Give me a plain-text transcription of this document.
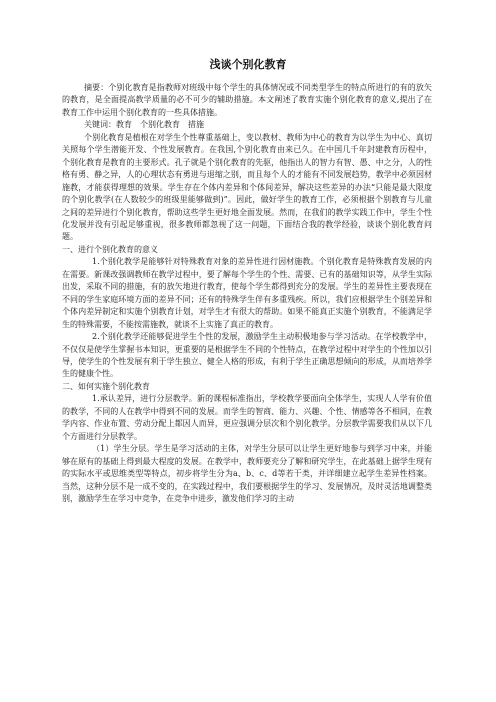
浅谈个别化教育

摘要：个别化教育是指教师对班级中每个学生的具体情况或不同类型学生的特点所进行的有的放矢的教育，是全面提高教学质量的必不可少的辅助措施。本文阐述了教育实施个别化教育的意义,提出了在教育工作中运用个别化教育的一些具体措施。

关键词：教育　个别化教育　措施

个别化教育是植根在对学生个性尊重基础上，变以教材、教师为中心的教育为以学生为中心、真切关照每个学生潜能开发、个性发展教育。在我国,个别化教育由来已久。在中国几千年封建教育历程中，个别化教育是教育的主要形式。孔子就是个别化教育的先驱，他指出人的智力有智、愚、中之分，人的性格有勇、静之异，人的心理状态有勇进与退缩之别，而且每个人的才能有不同发展趋势，教学中必须因材施教，才能获得理想的效果。学生存在个体内差异和个体间差异，解决这些差异的办法“只能是最大限度的个别化教学(在人数较少的班级里能够做到)”。因此，做好学生的教育工作，必须根据个别教育与儿童之间的差异进行个别化教育，帮助这些学生更好地全面发展。然而，在我们的教学实践工作中，学生个性化发展并没有引起足够重视，很多教师都忽视了这一问题，下面结合我的教学经验，谈谈个别化教育问题。

一、进行个别化教育的意义

1.个别化教学是能够针对特殊教育对象的差异性进行因材施教。个别化教育是特殊教育发展的内在需要。新课改强调教师在教学过程中，要了解每个学生的个性、需要、已有的基础知识等，从学生实际出发，采取不同的措施，有的放矢地进行教育，使每个学生都得到充分的发展。学生的差异性主要表现在不同的学生家庭环境方面的差异不同；还有的特殊学生伴有多重残疾。所以，我们应根据学生个别差异和个体内差异制定和实施个别教育计划，对学生才有很大的帮助。如果不能真正实施个别教育，不能满足学生的特殊需要，不能按需施教，就谈不上实施了真正的教育。

2.个别化教学还能够促进学生个性的发展，激励学生主动积极地参与学习活动。在学校教学中，不仅仅是使学生掌握书本知识，更重要的是根据学生不同的个性特点，在教学过程中对学生的个性加以引导，使学生的个性发展有利于学生独立、健全人格的形成，有利于学生正确思想倾向的形成，从而培养学生的健康个性。

二、如何实施个别化教育

1.承认差异，进行分层教学。新的课程标准指出，学校教学要面向全体学生，实现人人学有价值的教学，不同的人在教学中得到不同的发展。而学生的智商、能力、兴趣、个性、情感等各不相同，在教学内容、作业布置、劳动分配上都因人而异，更应强调分层次和个别化教学。分层教学需要我们从以下几个方面进行分层教学。

（1）学生分层。学生是学习活动的主体，对学生分层可以让学生更好地参与到学习中来，并能够在原有的基础上得到最大程度的发展。在教学中，教师要充分了解和研究学生，在此基础上据学生现有的实际水平或思维类型等特点，初步将学生分为a、b、c、d等若干类，并详细建立起学生差异性档案。当然，这种分层不是一成不变的，在实践过程中，我们要根据学生的学习、发展情况，及时灵活地调整类别，激励学生在学习中竞争，在竞争中进步，激发他们学习的主动
